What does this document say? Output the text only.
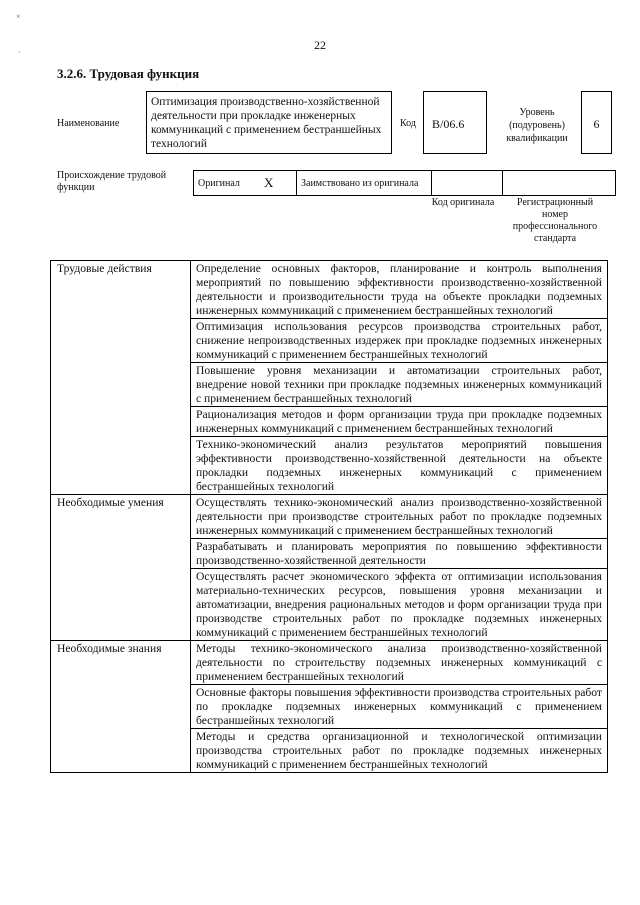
×
·
22
3.2.6. Трудовая функция
Наименование
Оптимизация производственно-хозяйственной деятельности при прокладке инженерных коммуникаций с применением бестраншейных технологий
Код	B/06.6
Уровень (подуровень) квалификации
6
Происхождение трудовой функции	Оригинал	X	Заимствовано из оригинала		
Код оригинала	Регистрационный номер профессионального стандарта
Трудовые действия	Определение основных факторов, планирование и контроль выполнения мероприятий по повышению эффективности производственно-хозяйственной деятельности и производительности труда на объекте прокладки подземных инженерных коммуникаций с применением бестраншейных технологий
	Оптимизация использования ресурсов производства строительных работ, снижение непроизводственных издержек при прокладке подземных инженерных коммуникаций с применением бестраншейных технологий
	Повышение уровня механизации и автоматизации строительных работ, внедрение новой техники при прокладке подземных инженерных коммуникаций с применением бестраншейных технологий
	Рационализация методов и форм организации труда при прокладке подземных инженерных коммуникаций с применением бестраншейных технологий
	Технико-экономический анализ результатов мероприятий повышения эффективности производственно-хозяйственной деятельности на объекте прокладки подземных инженерных коммуникаций с применением бестраншейных технологий
Необходимые умения	Осуществлять технико-экономический анализ производственно-хозяйственной деятельности при производстве строительных работ по прокладке подземных инженерных коммуникаций с применением бестраншейных технологий
	Разрабатывать и планировать мероприятия по повышению эффективности производственно-хозяйственной деятельности
	Осуществлять расчет экономического эффекта от оптимизации использования материально-технических ресурсов, повышения уровня механизации и автоматизации, внедрения рациональных методов и форм организации труда при производстве строительных работ по прокладке подземных инженерных коммуникаций с применением бестраншейных технологий
Необходимые знания	Методы технико-экономического анализа производственно-хозяйственной деятельности по строительству подземных инженерных коммуникаций с применением бестраншейных технологий
	Основные факторы повышения эффективности производства строительных работ по прокладке подземных инженерных коммуникаций с применением бестраншейных технологий
	Методы и средства организационной и технологической оптимизации производства строительных работ по прокладке подземных инженерных коммуникаций с применением бестраншейных технологий
